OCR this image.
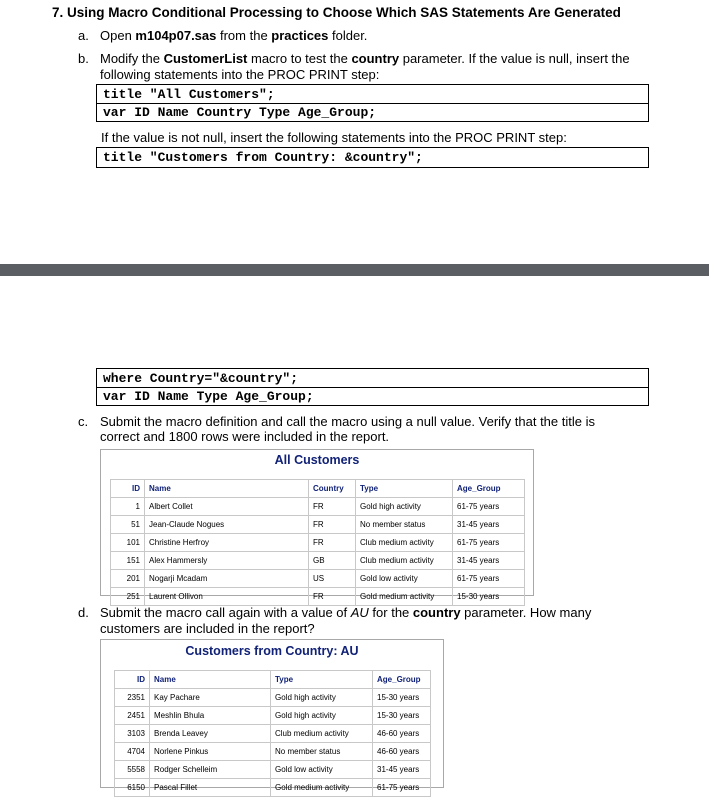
7. Using Macro Conditional Processing to Choose Which SAS Statements Are Generated
a. Open m104p07.sas from the practices folder.
b. Modify the CustomerList macro to test the country parameter. If the value is null, insert the
following statements into the PROC PRINT step:
title "All Customers";
var ID Name Country Type Age_Group;
If the value is not null, insert the following statements into the PROC PRINT step:
title "Customers from Country: &country";
where Country="&country";
var ID Name Type Age_Group;
c. Submit the macro definition and call the macro using a null value. Verify that the title is
correct and 1800 rows were included in the report.
All Customers
ID	Name	Country	Type	Age_Group
1	Albert Collet	FR	Gold high activity	61-75 years
51	Jean-Claude Nogues	FR	No member status	31-45 years
101	Christine Herfroy	FR	Club medium activity	61-75 years
151	Alex Hammersly	GB	Club medium activity	31-45 years
201	Nogarji Mcadam	US	Gold low activity	61-75 years
251	Laurent Ollivon	FR	Gold medium activity	15-30 years
d. Submit the macro call again with a value of AU for the country parameter. How many
customers are included in the report?
Customers from Country: AU
ID	Name	Type	Age_Group
2351	Kay Pachare	Gold high activity	15-30 years
2451	Meshlin Bhula	Gold high activity	15-30 years
3103	Brenda Leavey	Club medium activity	46-60 years
4704	Norlene Pinkus	No member status	46-60 years
5558	Rodger Schelleim	Gold low activity	31-45 years
6150	Pascal Fillet	Gold medium activity	61-75 years
